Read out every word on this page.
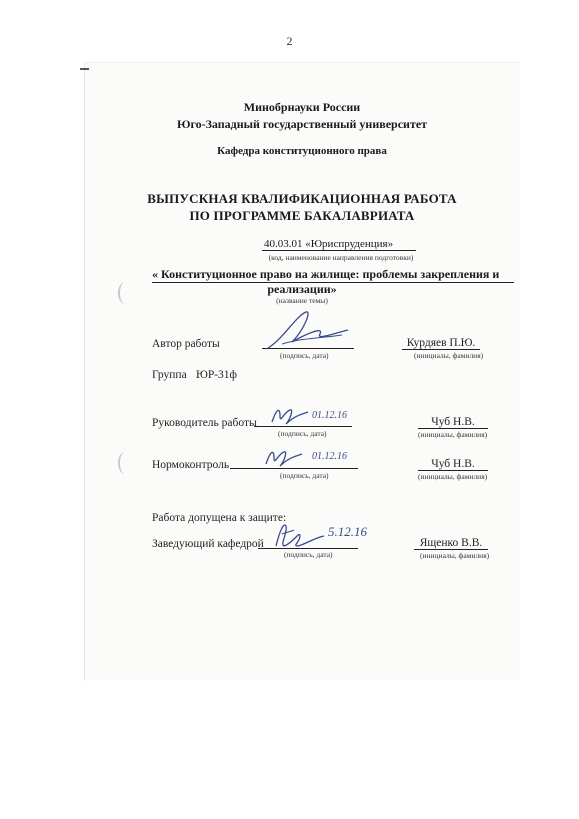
2
Минобрнауки России
Юго-Западный государственный университет
Кафедра конституционного права
ВЫПУСКНАЯ КВАЛИФИКАЦИОННАЯ РАБОТА
ПО ПРОГРАММЕ БАКАЛАВРИАТА
40.03.01 «Юриспруденция»
(код, наименование направления подготовки)
« Конституционное право на жилище: проблемы закрепления и
реализации»
(название темы)
Автор работы
(подпись, дата)
Курдяев П.Ю.
(инициалы, фамилия)
Группа ЮР-31ф
Руководитель работы
01.12.16
(подпись, дата)
Чуб Н.В.
(инициалы, фамилия)
Нормоконтроль
01.12.16
(подпись, дата)
Чуб Н.В.
(инициалы, фамилия)
Работа допущена к защите:
Заведующий кафедрой
5.12.16
(подпись, дата)
Ященко В.В.
(инициалы, фамилия)
